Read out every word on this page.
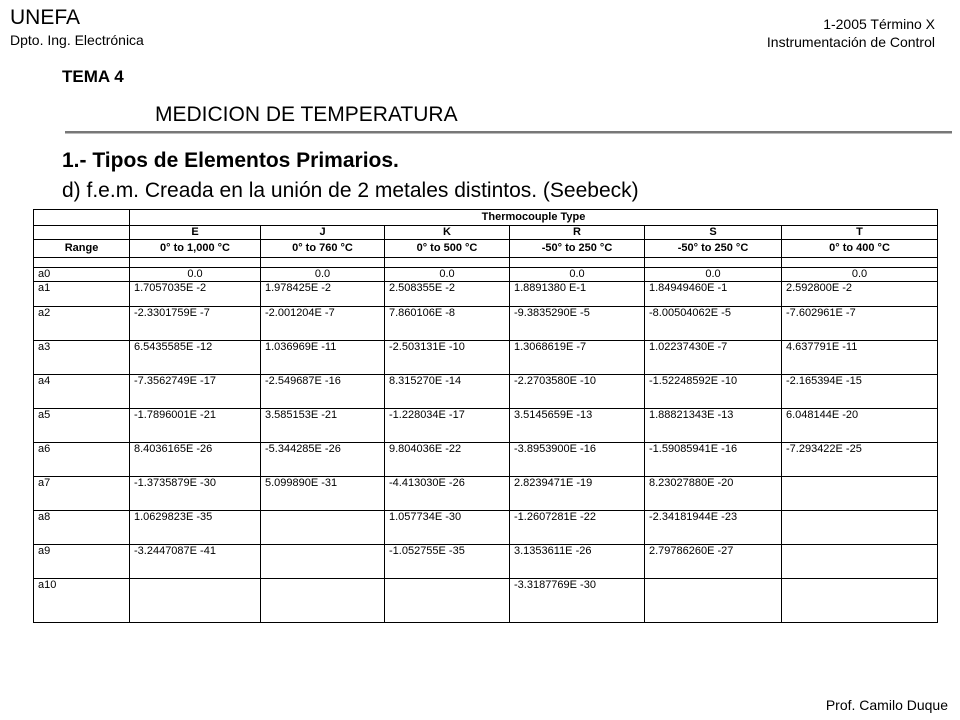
UNEFA
Dpto. Ing. Electrónica
1-2005 Término X
Instrumentación de Control
TEMA 4
MEDICION DE TEMPERATURA
1.- Tipos de Elementos Primarios.
d) f.e.m. Creada en la unión de 2 metales distintos. (Seebeck)
	Thermocouple Type					
	E	J	K	R	S	T
Range	0° to 1,000 °C	0° to 760 °C	0° to 500 °C	-50° to 250 °C	-50° to 250 °C	0° to 400 °C

a0	0.0	0.0	0.0	0.0	0.0	0.0
a1	1.7057035E -2	1.978425E -2	2.508355E -2	1.8891380 E-1	1.84949460E -1	2.592800E -2
a2	-2.3301759E -7	-2.001204E -7	7.860106E -8	-9.3835290E -5	-8.00504062E -5	-7.602961E -7
a3	6.5435585E -12	1.036969E -11	-2.503131E -10	1.3068619E -7	1.02237430E -7	4.637791E -11
a4	-7.3562749E -17	-2.549687E -16	8.315270E -14	-2.2703580E -10	-1.52248592E -10	-2.165394E -15
a5	-1.7896001E -21	3.585153E -21	-1.228034E -17	3.5145659E -13	1.88821343E -13	6.048144E -20
a6	8.4036165E -26	-5.344285E -26	9.804036E -22	-3.8953900E -16	-1.59085941E -16	-7.293422E -25
a7	-1.3735879E -30	5.099890E -31	-4.413030E -26	2.8239471E -19	8.23027880E -20	
a8	1.0629823E -35		1.057734E -30	-1.2607281E -22	-2.34181944E -23	
a9	-3.2447087E -41		-1.052755E -35	3.1353611E -26	2.79786260E -27	
a10				-3.3187769E -30		
Prof. Camilo Duque
